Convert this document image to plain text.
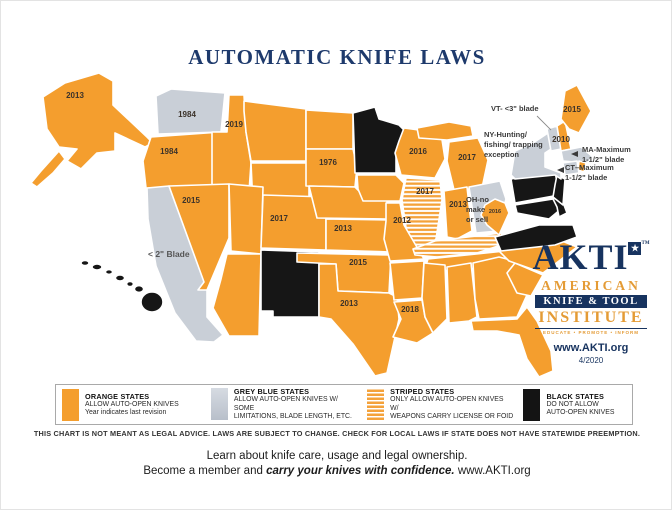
2013
1984
1984
2019
2015
1976
2017
2013
2012
2015
2013
2018
2016
2017
2017
2013
2016
2010
2015
AUTOMATIC KNIFE LAWS
VT- <3" blade
NY-Hunting/
fishing/ trapping
exception	MA-Maximum
1-1/2" blade
CT–Maximum
1-1/2" blade
OH-no
make
or sell
< 2" Blade	AKTI ★ TM
AMERICAN
KNIFE & TOOL
INSTITUTE
EDUCATE • PROMOTE • INFORM
www.AKTI.org
4/2020
ORANGE STATES
ALLOW AUTO-OPEN KNIVES
Year indicates last revision
GREY BLUE STATES
ALLOW AUTO-OPEN KNIVES W/ SOME
LIMITATIONS, BLADE LENGTH, ETC.
STRIPED STATES
ONLY ALLOW AUTO-OPEN KNIVES W/
WEAPONS CARRY LICENSE OR FOID
BLACK STATES
DO NOT ALLOW
AUTO-OPEN KNIVES
THIS CHART IS NOT MEANT AS LEGAL ADVICE. LAWS ARE SUBJECT TO CHANGE. CHECK FOR LOCAL LAWS IF STATE DOES NOT HAVE STATEWIDE PREEMPTION.
Learn about knife care, usage and legal ownership.
Become a member and carry your knives with confidence. www.AKTI.org
